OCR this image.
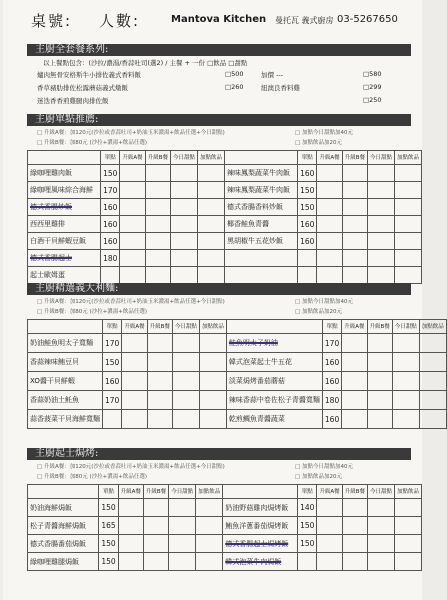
桌號: 人數:	Mantova Kitchen 曼托瓦 義式廚房 03-5267650
主廚全套餐系列:
以上餐點包含：(沙拉/濃湯/香蒜吐司(選2) / 主餐 + 一份 □飲品 □甜點
爐肉無骨安格斯牛小排佐義式香料飯	□500	加價 ---	□580
香草豬肋排佐松露蘑菇義式燉飯	□260	紐澳良香料雞	□299
迷迭香香煎雞腿肉排佐飯	□250
主廚單點推薦:
□ 升級A餐：加120元(沙拉或香蒜吐司+奶油玉米濃湯+飲品任選+今日甜點)
□ 升級B餐：加80元 (沙拉+濃湯+飲品任選)
□ 加點今日甜點加40元
□ 加點飲品加20元
	單點	升級A餐	升級B餐	今日甜點	加點飲品		單點	升級A餐	升級B餐	今日甜點	加點飲品
綠咖哩雞肉飯	150					辣味鳳梨蔬菜牛肉飯	160				
綠咖哩風味綜合海鮮	170					辣味鳳梨蔬菜牛肉飯	150				
德式香腸炒飯	160					德式香腸香料炒飯	150				
西西里雞排	160					椰香鮭魚青醬	160				
白酒干貝鮮蝦豆飯	160					黑胡椒牛五花炒飯	160				
德式香腸起士	180										
起士歐姆蛋											
主廚精選義大利麵:
□ 升級A餐：加120元(沙拉或香蒜吐司+奶油玉米濃湯+飲品任選+今日甜點)
□ 升級B餐：加80元 (沙拉+濃湯+飲品任選)
□ 加點今日甜點加40元
□ 加點飲品加20元
	單點	升級A餐	升級B餐	今日甜點	加點飲品		單點	升級A餐	升級B餐	今日甜點	加點飲品
奶油鮭魚明太子寬麵	170					鮭魚明太子奶油	170				
香蒜辣味鮪豆貝	150					韓式泡菜起士牛五花	160				
XO醬干貝鮮蝦	160					淡菜焗烤番茄蘑菇	160				
香蒜奶油土魠魚	170					辣味香蒜中卷佐松子青醬寬麵	180				
蒜香菠菜干貝海鮮寬麵						乾煎鯛魚青醬蔬菜	160				
主廚起士焗烤:
□ 升級A餐：加120元(沙拉或香蒜吐司+奶油玉米濃湯+飲品任選+今日甜點)
□ 升級B餐：加80元 (沙拉+濃湯+飲品任選)
□ 加點今日甜點加40元
□ 加點飲品加20元
	單點	升級A餐	升級B餐	今日甜點	加點飲品		單點	升級A餐	升級B餐	今日甜點	加點飲品
奶油海鮮焗飯	150					奶油野菇雞肉焗烤飯	140				
松子青醬海鮮焗飯	165					鮪魚洋蔥番茄焗烤飯	150				
德式香腸番茄焗飯	150					德式香腸起士焗烤飯	150				
綠咖哩雞腿焗飯	150					韓式泡菜牛肉焗飯					
